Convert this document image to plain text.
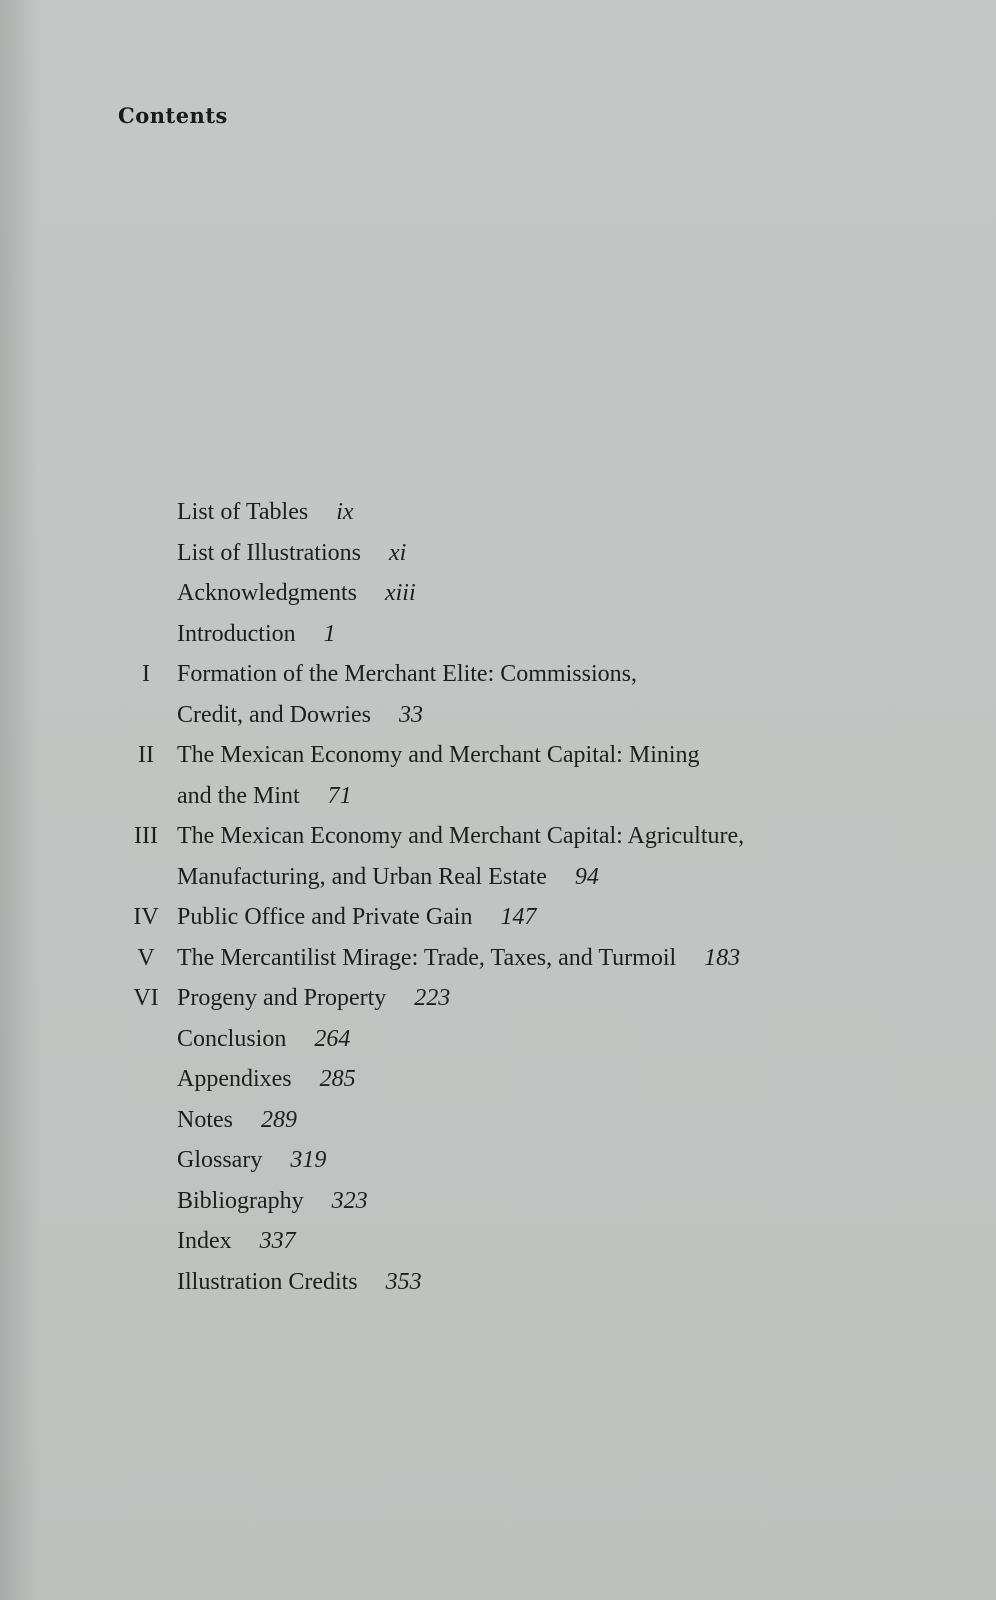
Contents
List of Tables ix
List of Illustrations xi
Acknowledgments xiii
Introduction 1
I	Formation of the Merchant Elite: Commissions,
Credit, and Dowries 33
II The Mexican Economy and Merchant Capital: Mining
and the Mint 71
III The Mexican Economy and Merchant Capital: Agriculture,
Manufacturing, and Urban Real Estate 94
IV Public Office and Private Gain 147
V The Mercantilist Mirage: Trade, Taxes, and Turmoil 183
VI Progeny and Property 223
Conclusion 264
Appendixes 285
Notes 289
Glossary 319
Bibliography 323
Index 337
Illustration Credits 353
